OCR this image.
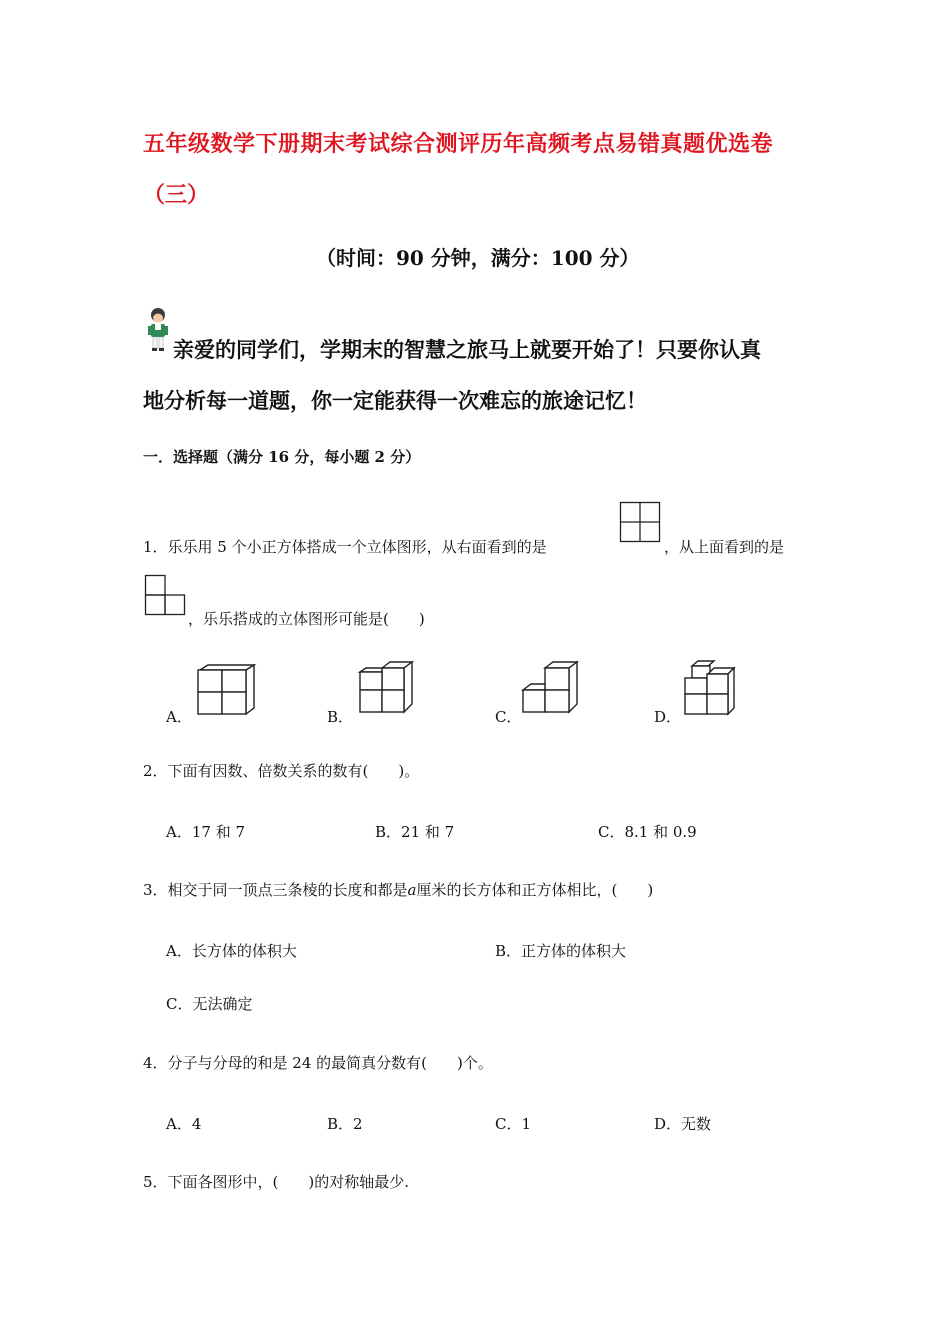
五年级数学下册期末考试综合测评历年高频考点易错真题优选卷
（三）
（时间：90 分钟，满分：100 分）
亲爱的同学们，学期末的智慧之旅马上就要开始了！只要你认真
地分析每一道题，你一定能获得一次难忘的旅途记忆！
一．选择题（满分 16 分，每小题 2 分）
1．乐乐用 5 个小正方体搭成一个立体图形，从右面看到的是	，从上面看到的是
，乐乐搭成的立体图形可能是(　　)
A．	B．	C．	D．
2．下面有因数、倍数关系的数有(　　)。
A．17 和 7	B．21 和 7	C．8.1 和 0.9
3．相交于同一顶点三条棱的长度和都是a厘米的长方体和正方体相比，(　　)
A．长方体的体积大	B．正方体的体积大
C．无法确定
4．分子与分母的和是 24 的最简真分数有(　　)个。
A．4	B．2	C．1	D．无数
5．下面各图形中，(　　)的对称轴最少.
